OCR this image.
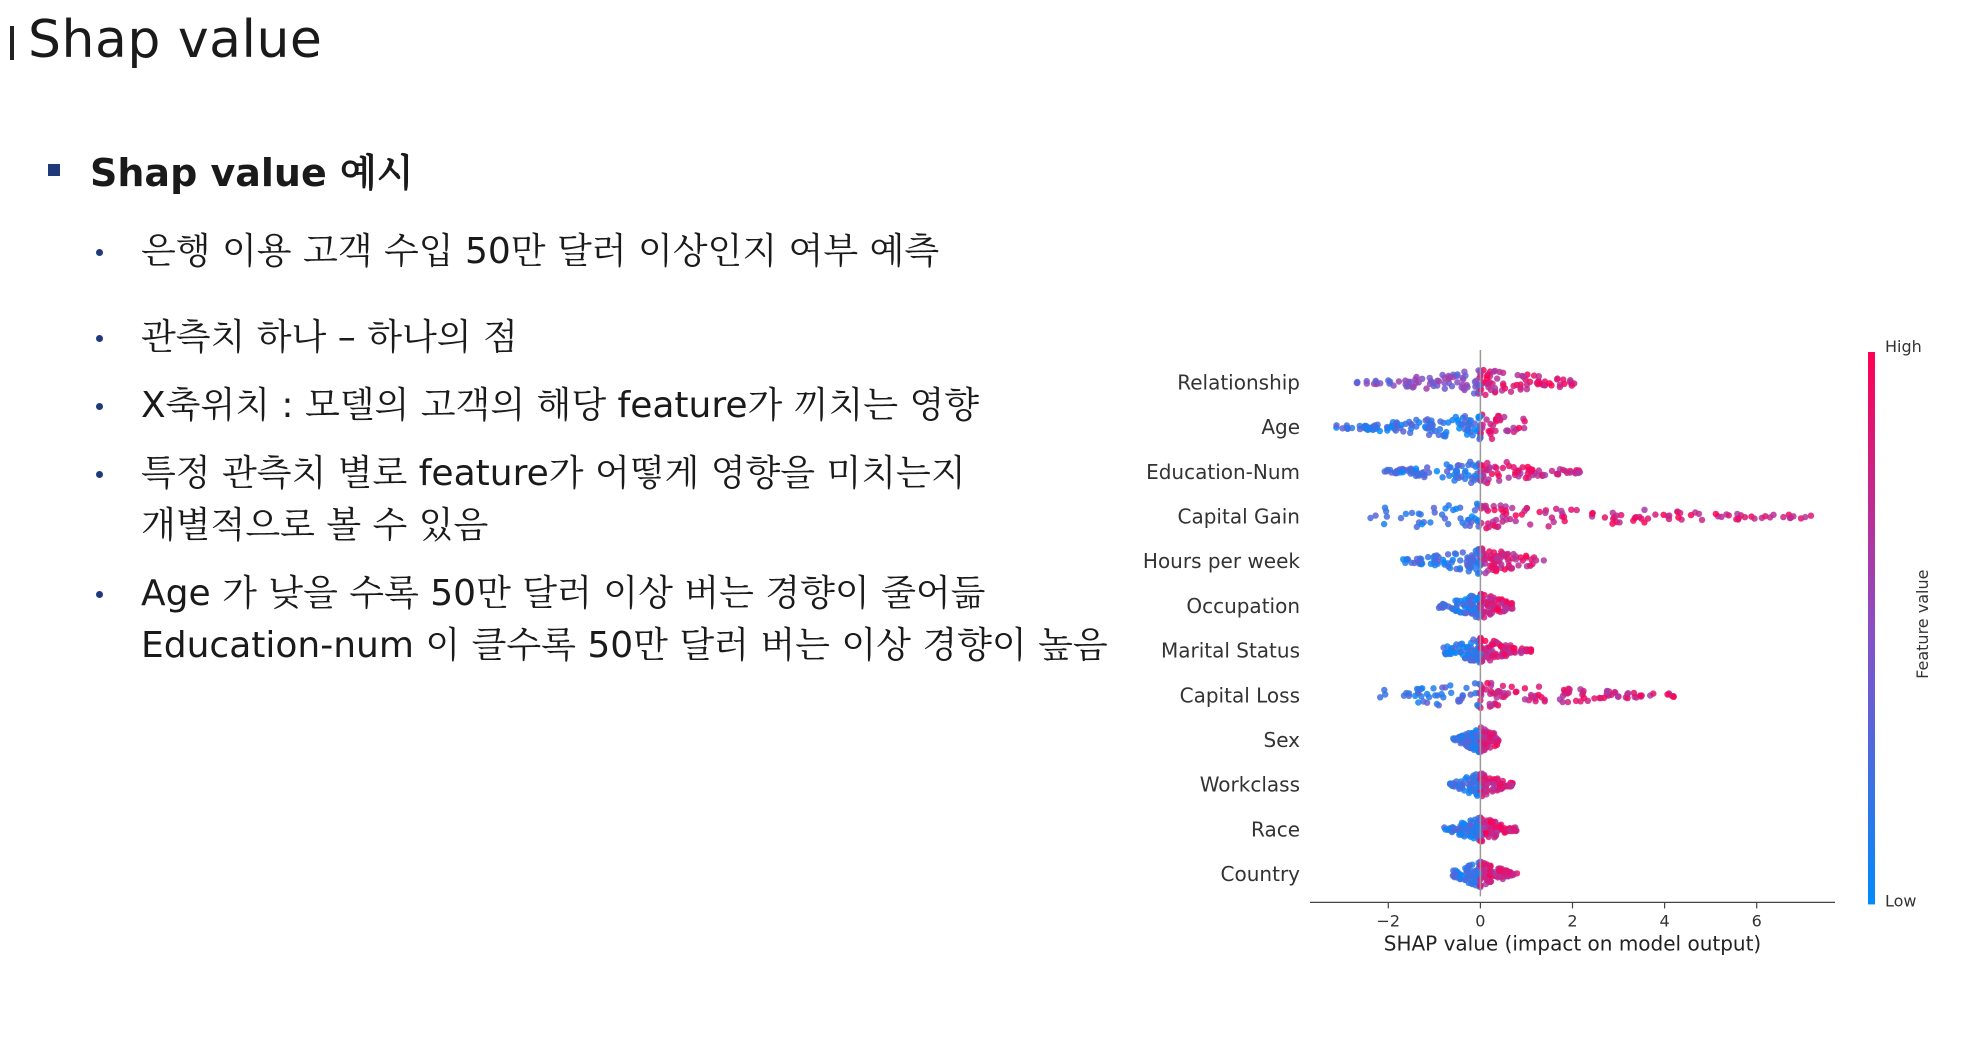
Shap value
Shap value 예시
은행 이용 고객 수입 50만 달러 이상인지 여부 예측
관측치 하나 – 하나의 점
X축위치 : 모델의 고객의 해당 feature가 끼치는 영향
특정 관측치 별로 feature가 어떻게 영향을 미치는지
개별적으로 볼 수 있음
Age 가 낮을 수록 50만 달러 이상 버는 경향이 줄어듦
Education-num 이 클수록 50만 달러 버는 이상 경향이 높음
Relationship
Age
Education-Num
Capital Gain
Hours per week
Occupation
Marital Status
Capital Loss
Sex
Workclass
Race
Country
−2	0	2	4	6
SHAP value (impact on model output)
High
Low
Feature value
